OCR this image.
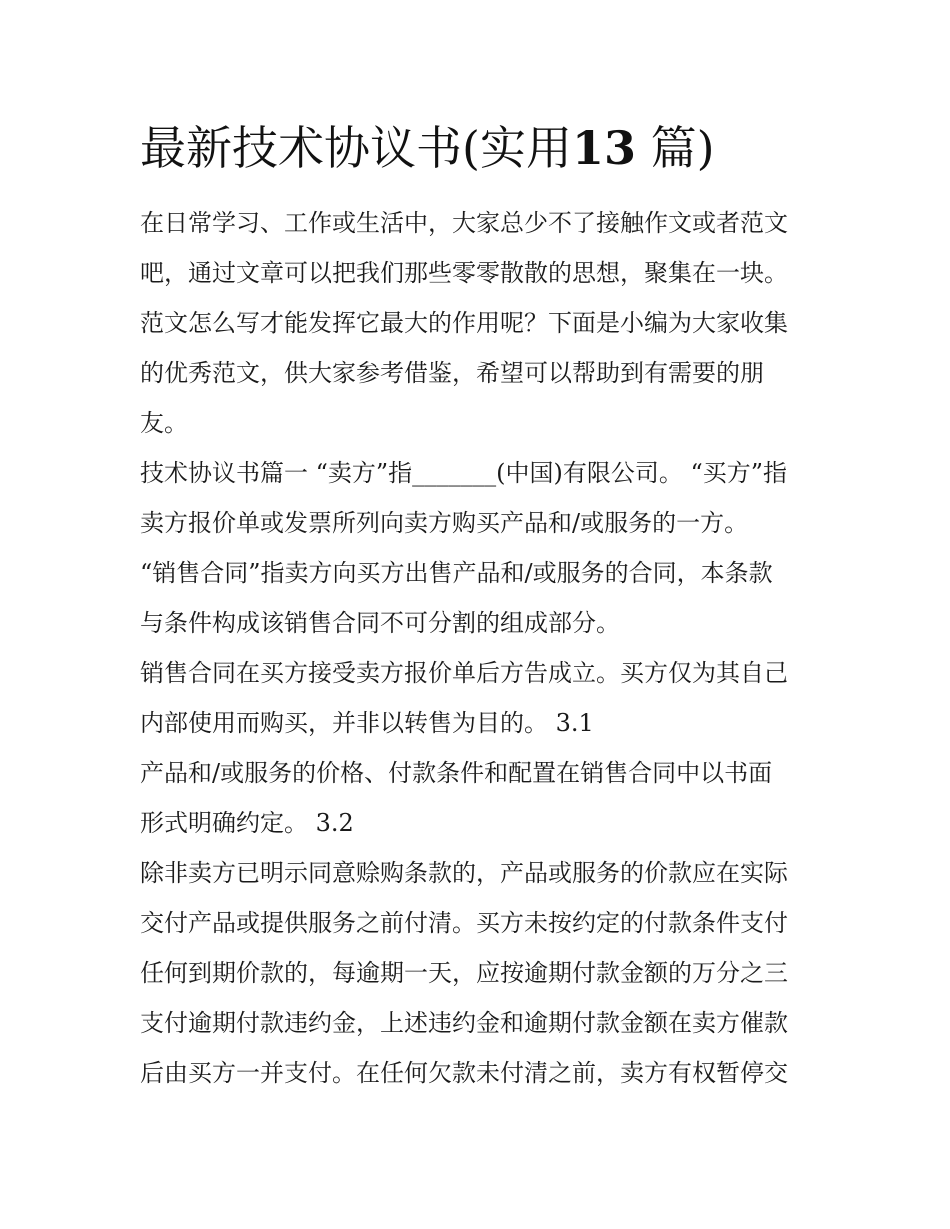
最新技术协议书(实用13 篇)
在日常学习、工作或生活中，大家总少不了接触作文或者范文
吧，通过文章可以把我们那些零零散散的思想，聚集在一块。
范文怎么写才能发挥它最大的作用呢？下面是小编为大家收集
的优秀范文，供大家参考借鉴，希望可以帮助到有需要的朋
友。
技术协议书篇一 “卖方”指_______(中国)有限公司。 “买方”指
卖方报价单或发票所列向卖方购买产品和/或服务的一方。
“销售合同”指卖方向买方出售产品和/或服务的合同，本条款
与条件构成该销售合同不可分割的组成部分。
销售合同在买方接受卖方报价单后方告成立。买方仅为其自己
内部使用而购买，并非以转售为目的。 3.1
产品和/或服务的价格、付款条件和配置在销售合同中以书面
形式明确约定。 3.2
除非卖方已明示同意赊购条款的，产品或服务的价款应在实际
交付产品或提供服务之前付清。买方未按约定的付款条件支付
任何到期价款的，每逾期一天，应按逾期付款金额的万分之三
支付逾期付款违约金，上述违约金和逾期付款金额在卖方催款
后由买方一并支付。在任何欠款未付清之前，卖方有权暂停交
